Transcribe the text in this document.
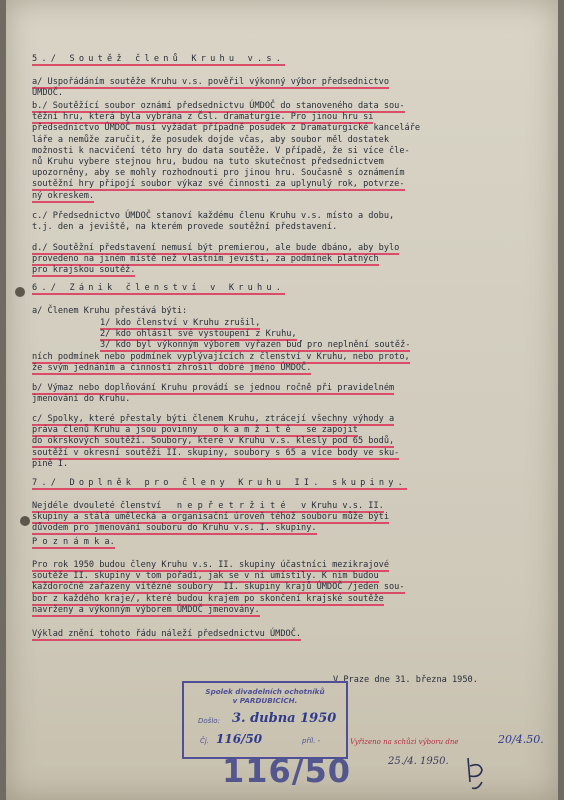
5./ Soutěž členů Kruhu v.s.
a/ Uspořádáním soutěže Kruhu v.s. pověřil výkonný výbor předsednictvo
ÚMDOČ.
b./ Soutěžící soubor oznámí předsednictvu ÚMDOČ do stanoveného data sou-
těžní hru, která byla vybrána z Čsl. dramaturgie. Pro jinou hru si
předsednictvo ÚMDOČ musí vyžádat případně posudek z Dramaturgické kanceláře
láře a nemůže zaručit, že posudek dojde včas, aby soubor měl dostatek
možnosti k nacvičení této hry do data soutěže. V případě, že si více čle-
nů Kruhu vybere stejnou hru, budou na tuto skutečnost předsednictvem
upozorněny, aby se mohly rozhodnouti pro jinou hru. Současně s oznámením
soutěžní hry připojí soubor výkaz své činnosti za uplynulý rok, potvrze-
ný okreskem.
c./ Předsednictvo ÚMDOČ stanoví každému členu Kruhu v.s. místo a dobu,
t.j. den a jeviště, na kterém provede soutěžní představení.
d./ Soutěžní představení nemusí být premierou, ale bude dbáno, aby bylo
provedeno na jiném místě než vlastním jevišti, za podmínek platných
pro krajskou soutěž.
6./ Zánik členství v Kruhu.
a/ Členem Kruhu přestává býti:
1/ kdo členství v Kruhu zrušil,
2/ kdo ohlásil své vystoupení z Kruhu,
3/ kdo byl výkonným výborem vyřazen buď pro neplnění soutěž-
ních podmínek nebo podmínek vyplývajících z členství v Kruhu, nebo proto,
že svým jednáním a činností zhrošil dobré jméno ÚMDOČ.
b/ Výmaz nebo doplňování Kruhu provádí se jednou ročně při pravidelném
jmenování do Kruhu.
c/ Spolky, které přestaly býti členem Kruhu, ztrácejí všechny výhody a
práva členů Kruhu a jsou povinny   o k a m ž i t ě   se zapojit
do okrskových soutěží. Soubory, které v Kruhu v.s. klesly pod 65 bodů,
soutěží v okresní soutěži II. skupiny, soubory s 65 a více body ve sku-
pině I.
7./ Doplněk pro členy Kruhu II. skupiny.
Nejdéle dvouleté členství   n e p ř e t r ž i t é   v Kruhu v.s. II.
skupiny a stálá umělecká a organisační úroveň téhož souboru může býti
důvodem pro jmenování souboru do Kruhu v.s. I. skupiny.
P o z n á m k a.
Pro rok 1950 budou členy Kruhu v.s. II. skupiny účastníci mezikrajové
soutěže II. skupiny v tom pořadí, jak se v ní umístily. K nim budou
každoročně zařazeny vítězné soubory  II. skupiny krajů ÚMDOČ /jeden sou-
bor z každého kraje/, které budou krajem po skončení krajské soutěže
navrženy a výkonným výborem ÚMDOČ jmenovány.
Výklad znění tohoto řádu náleží předsednictvu ÚMDOČ.
V Praze dne 31. března 1950.
Spolek divadelních ochotníků
v PARDUBICÍCH.
Došlo:
Čj.	příl. -
3. dubna 1950
116/50	Vyřizeno na schůzi výboru dne	20/4.50.
25./4. 1950.
116/50
